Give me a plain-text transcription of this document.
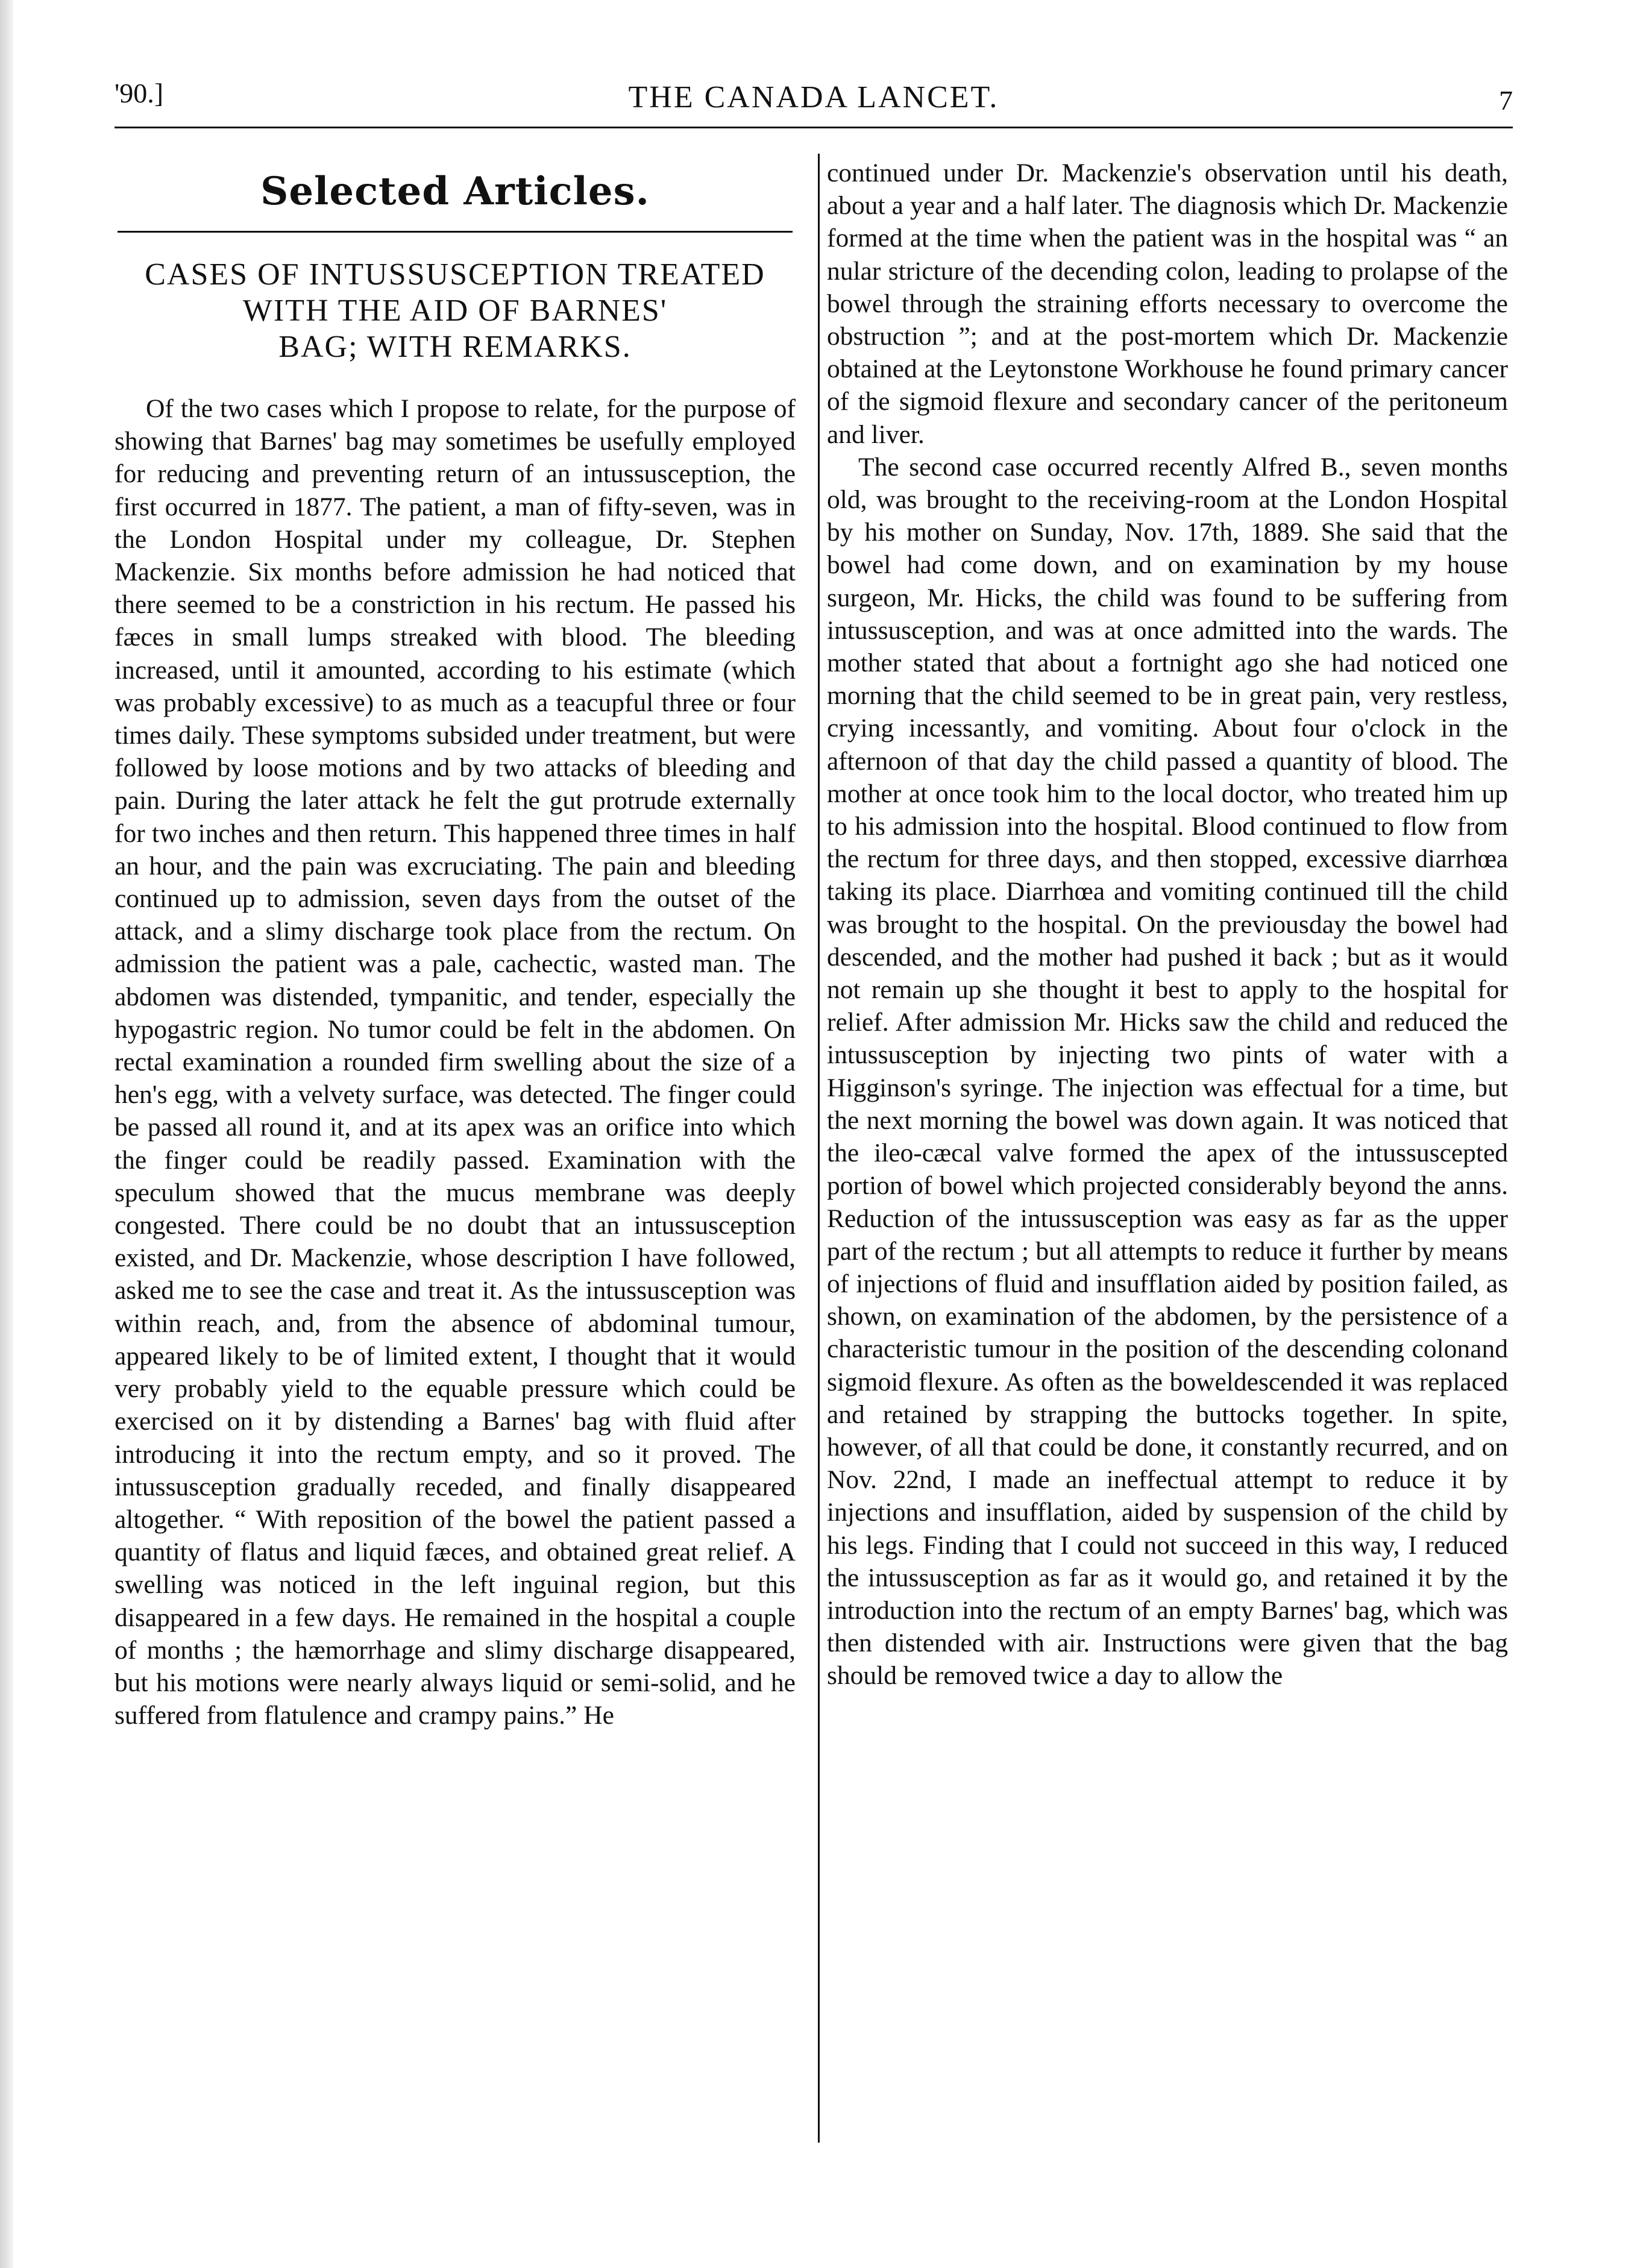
'90.]	THE CANADA LANCET.	7
Selected Articles.
CASES OF INTUSSUSCEPTION TREATED
WITH THE AID OF BARNES'
BAG; WITH REMARKS.

Of the two cases which I propose to relate, for the purpose of showing that Barnes' bag may sometimes be usefully employed for reducing and preventing return of an intussusception, the first occurred in 1877. The patient, a man of fifty-seven, was in the London Hospital under my colleague, Dr. Stephen Mackenzie. Six months before admission he had noticed that there seemed to be a constriction in his rectum. He passed his fæces in small lumps streaked with blood. The bleeding increased, until it amounted, according to his estimate (which was probably excessive) to as much as a teacupful three or four times daily. These symptoms subsided under treatment, but were followed by loose motions and by two attacks of bleeding and pain. During the later attack he felt the gut protrude externally for two inches and then return. This happened three times in half an hour, and the pain was excruciating. The pain and bleeding continued up to admission, seven days from the outset of the attack, and a slimy discharge took place from the rectum. On admission the patient was a pale, cachectic, wasted man. The abdomen was distended, tympanitic, and tender, especially the hypogastric region. No tumor could be felt in the abdomen. On rectal examination a rounded firm swelling about the size of a hen's egg, with a velvety surface, was detected. The finger could be passed all round it, and at its apex was an orifice into which the finger could be readily passed. Examination with the speculum showed that the mucus membrane was deeply congested. There could be no doubt that an intussusception existed, and Dr. Mackenzie, whose description I have followed, asked me to see the case and treat it. As the intussusception was within reach, and, from the absence of abdominal tumour, appeared likely to be of limited extent, I thought that it would very probably yield to the equable pressure which could be exercised on it by distending a Barnes' bag with fluid after introducing it into the rectum empty, and so it proved. The intussusception gradually receded, and finally disappeared altogether. “ With reposition of the bowel the patient passed a quantity of flatus and liquid fæces, and obtained great relief. A swelling was noticed in the left inguinal region, but this disappeared in a few days. He remained in the hospital a couple of months ; the hæmorrhage and slimy discharge disappeared, but his motions were nearly always liquid or semi-solid, and he suffered from flatulence and crampy pains.” He

continued under Dr. Mackenzie's observation until his death, about a year and a half later. The diagnosis which Dr. Mackenzie formed at the time when the patient was in the hospital was “ an nular stricture of the decending colon, leading to prolapse of the bowel through the straining efforts necessary to overcome the obstruction ”; and at the post-mortem which Dr. Mackenzie obtained at the Leytonstone Workhouse he found primary cancer of the sigmoid flexure and secondary cancer of the peritoneum and liver.

The second case occurred recently Alfred B., seven months old, was brought to the receiving-room at the London Hospital by his mother on Sunday, Nov. 17th, 1889. She said that the bowel had come down, and on examination by my house surgeon, Mr. Hicks, the child was found to be suffering from intussusception, and was at once admitted into the wards. The mother stated that about a fortnight ago she had noticed one morning that the child seemed to be in great pain, very restless, crying incessantly, and vomiting. About four o'clock in the afternoon of that day the child passed a quantity of blood. The mother at once took him to the local doctor, who treated him up to his admission into the hospital. Blood continued to flow from the rectum for three days, and then stopped, excessive diarrhœa taking its place. Diarrhœa and vomiting continued till the child was brought to the hospital. On the previousday the bowel had descended, and the mother had pushed it back ; but as it would not remain up she thought it best to apply to the hospital for relief. After admission Mr. Hicks saw the child and reduced the intussusception by injecting two pints of water with a Higginson's syringe. The injection was effectual for a time, but the next morning the bowel was down again. It was noticed that the ileo-cæcal valve formed the apex of the intussuscepted portion of bowel which projected considerably beyond the anns. Reduction of the intussusception was easy as far as the upper part of the rectum ; but all attempts to reduce it further by means of injections of fluid and insufflation aided by position failed, as shown, on examination of the abdomen, by the persistence of a characteristic tumour in the position of the descending colonand sigmoid flexure. As often as the boweldescended it was replaced and retained by strapping the buttocks together. In spite, however, of all that could be done, it constantly recurred, and on Nov. 22nd, I made an ineffectual attempt to reduce it by injections and insufflation, aided by suspension of the child by his legs. Finding that I could not succeed in this way, I reduced the intussusception as far as it would go, and retained it by the introduction into the rectum of an empty Barnes' bag, which was then distended with air. Instructions were given that the bag should be removed twice a day to allow the
